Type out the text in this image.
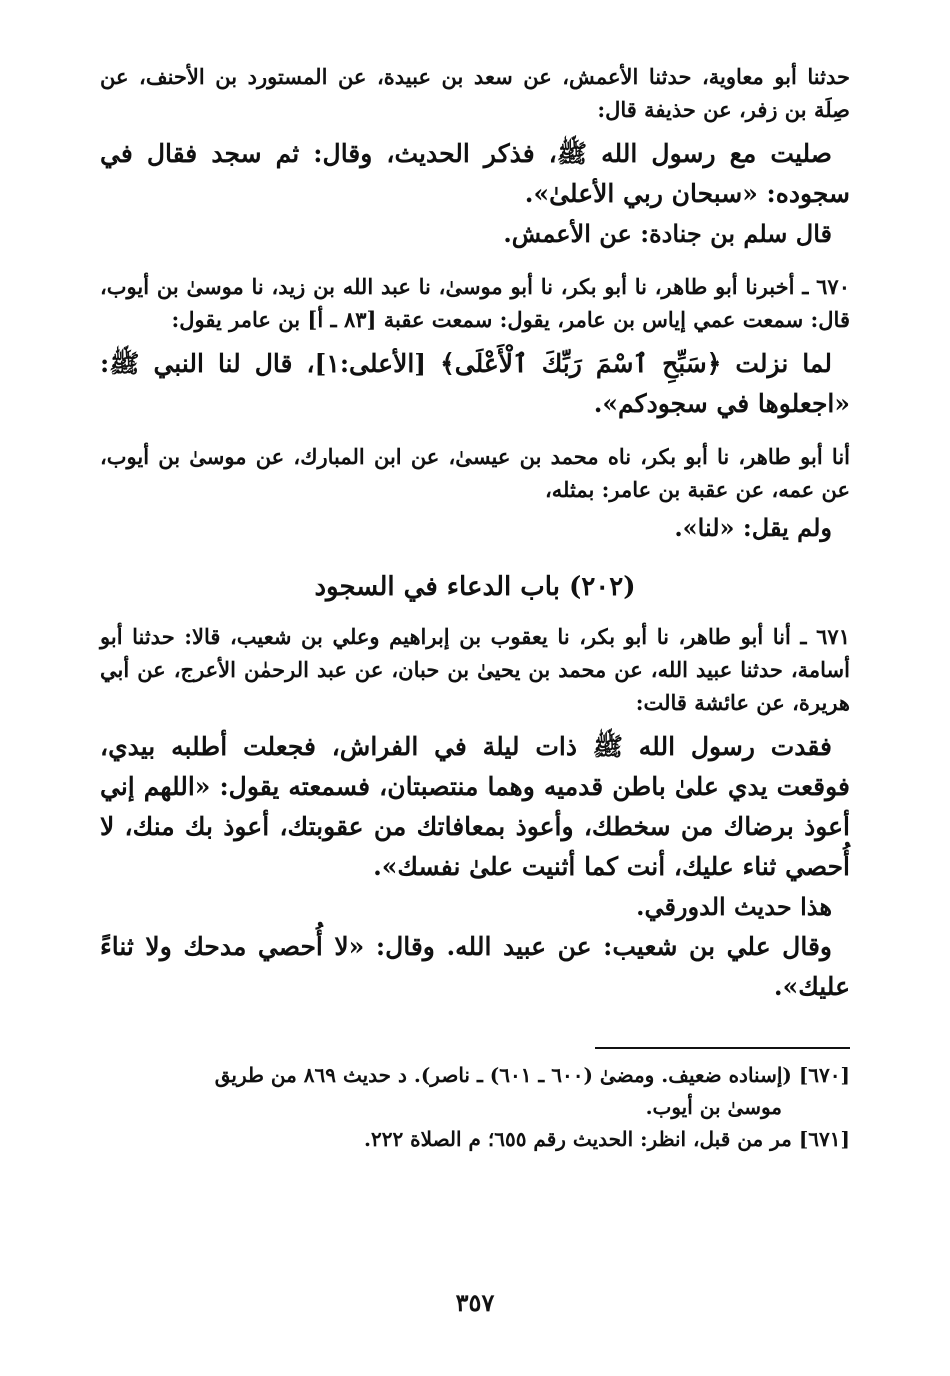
حدثنا أبو معاوية، حدثنا الأعمش، عن سعد بن عبيدة، عن المستورد بن الأحنف، عن صِلَة بن زفر، عن حذيفة قال:

صليت مع رسول الله ﷺ، فذكر الحديث، وقال: ثم سجد فقال في سجوده: «سبحان ربي الأعلىٰ».

قال سلم بن جنادة: عن الأعمش.

٦٧٠ ـ أخبرنا أبو طاهر، نا أبو بكر، نا أبو موسىٰ، نا عبد الله بن زيد، نا موسىٰ بن أيوب، قال: سمعت عمي إياس بن عامر، يقول: سمعت عقبة [٨٣ ـ أ] بن عامر يقول:

لما نزلت ﴿سَبِّحِ ٱسْمَ رَبِّكَ ٱلْأَعْلَى﴾ [الأعلى:١]، قال لنا النبي ﷺ: «اجعلوها في سجودكم».

أنا أبو طاهر، نا أبو بكر، ناه محمد بن عيسىٰ، عن ابن المبارك، عن موسىٰ بن أيوب، عن عمه، عن عقبة بن عامر: بمثله،

ولم يقل: «لنا».

(٢٠٢) باب الدعاء في السجود

٦٧١ ـ أنا أبو طاهر، نا أبو بكر، نا يعقوب بن إبراهيم وعلي بن شعيب، قالا: حدثنا أبو أسامة، حدثنا عبيد الله، عن محمد بن يحيىٰ بن حبان، عن عبد الرحمٰن الأعرج، عن أبي هريرة، عن عائشة قالت:

فقدت رسول الله ﷺ ذات ليلة في الفراش، فجعلت أطلبه بيدي، فوقعت يدي علىٰ باطن قدميه وهما منتصبتان، فسمعته يقول: «اللهم إني أعوذ برضاك من سخطك، وأعوذ بمعافاتك من عقوبتك، أعوذ بك منك، لا أُحصي ثناء عليك، أنت كما أثنيت علىٰ نفسك».

هذا حديث الدورقي.

وقال علي بن شعيب: عن عبيد الله. وقال: «لا أُحصي مدحك ولا ثناءً عليك».

[٦٧٠] (إسناده ضعيف. ومضىٰ (٦٠٠ ـ ٦٠١) ـ ناصر). د حديث ٨٦٩ من طريق
موسىٰ بن أيوب.

[٦٧١] مر من قبل، انظر: الحديث رقم ٦٥٥؛ م الصلاة ٢٢٢.

٣٥٧
